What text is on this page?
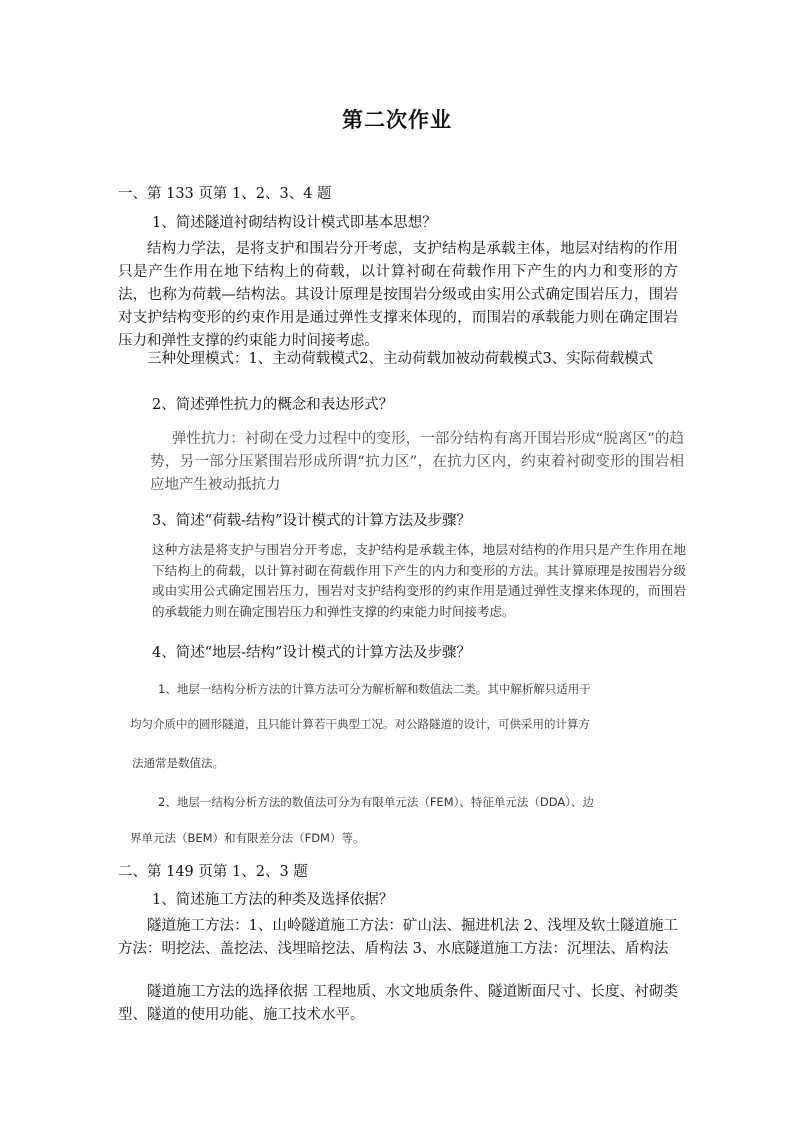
第二次作业
一、第 133 页第 1、2、3、4 题
1、简述隧道衬砌结构设计模式即基本思想？
结构力学法，是将支护和围岩分开考虑，支护结构是承载主体，地层对结构的作用只是产生作用在地下结构上的荷载，以计算衬砌在荷载作用下产生的内力和变形的方法，也称为荷载—结构法。其设计原理是按围岩分级或由实用公式确定围岩压力，围岩对支护结构变形的约束作用是通过弹性支撑来体现的，而围岩的承载能力则在确定围岩压力和弹性支撑的约束能力时间接考虑。
三种处理模式：1、主动荷载模式2、主动荷载加被动荷载模式3、实际荷载模式
2、简述弹性抗力的概念和表达形式？
弹性抗力：衬砌在受力过程中的变形，一部分结构有离开围岩形成“脱离区”的趋势，另一部分压紧围岩形成所谓“抗力区”，在抗力区内，约束着衬砌变形的围岩相应地产生被动抵抗力
3、简述“荷载-结构”设计模式的计算方法及步骤？
这种方法是将支护与围岩分开考虑，支护结构是承载主体，地层对结构的作用只是产生作用在地下结构上的荷载，以计算衬砌在荷载作用下产生的内力和变形的方法。其计算原理是按围岩分级或由实用公式确定围岩压力，围岩对支护结构变形的约束作用是通过弹性支撑来体现的，而围岩的承载能力则在确定围岩压力和弹性支撑的约束能力时间接考虑。
4、简述“地层-结构”设计模式的计算方法及步骤？
1、地层一结构分析方法的计算方法可分为解析解和数值法二类。其中解析解只适用于
均匀介质中的圆形隧道，且只能计算若干典型工况。对公路隧道的设计，可供采用的计算方
法通常是数值法。
2、地层一结构分析方法的数值法可分为有限单元法（FEM）、特征单元法（DDA）、边
界单元法（BEM）和有限差分法（FDM）等。
二、第 149 页第 1、2、3 题
1、简述施工方法的种类及选择依据？
隧道施工方法：1、山岭隧道施工方法：矿山法、掘进机法 2、浅埋及软土隧道施工方法：明挖法、盖挖法、浅埋暗挖法、盾构法 3、水底隧道施工方法：沉埋法、盾构法
隧道施工方法的选择依据 工程地质、水文地质条件、隧道断面尺寸、长度、衬砌类型、隧道的使用功能、施工技术水平。
